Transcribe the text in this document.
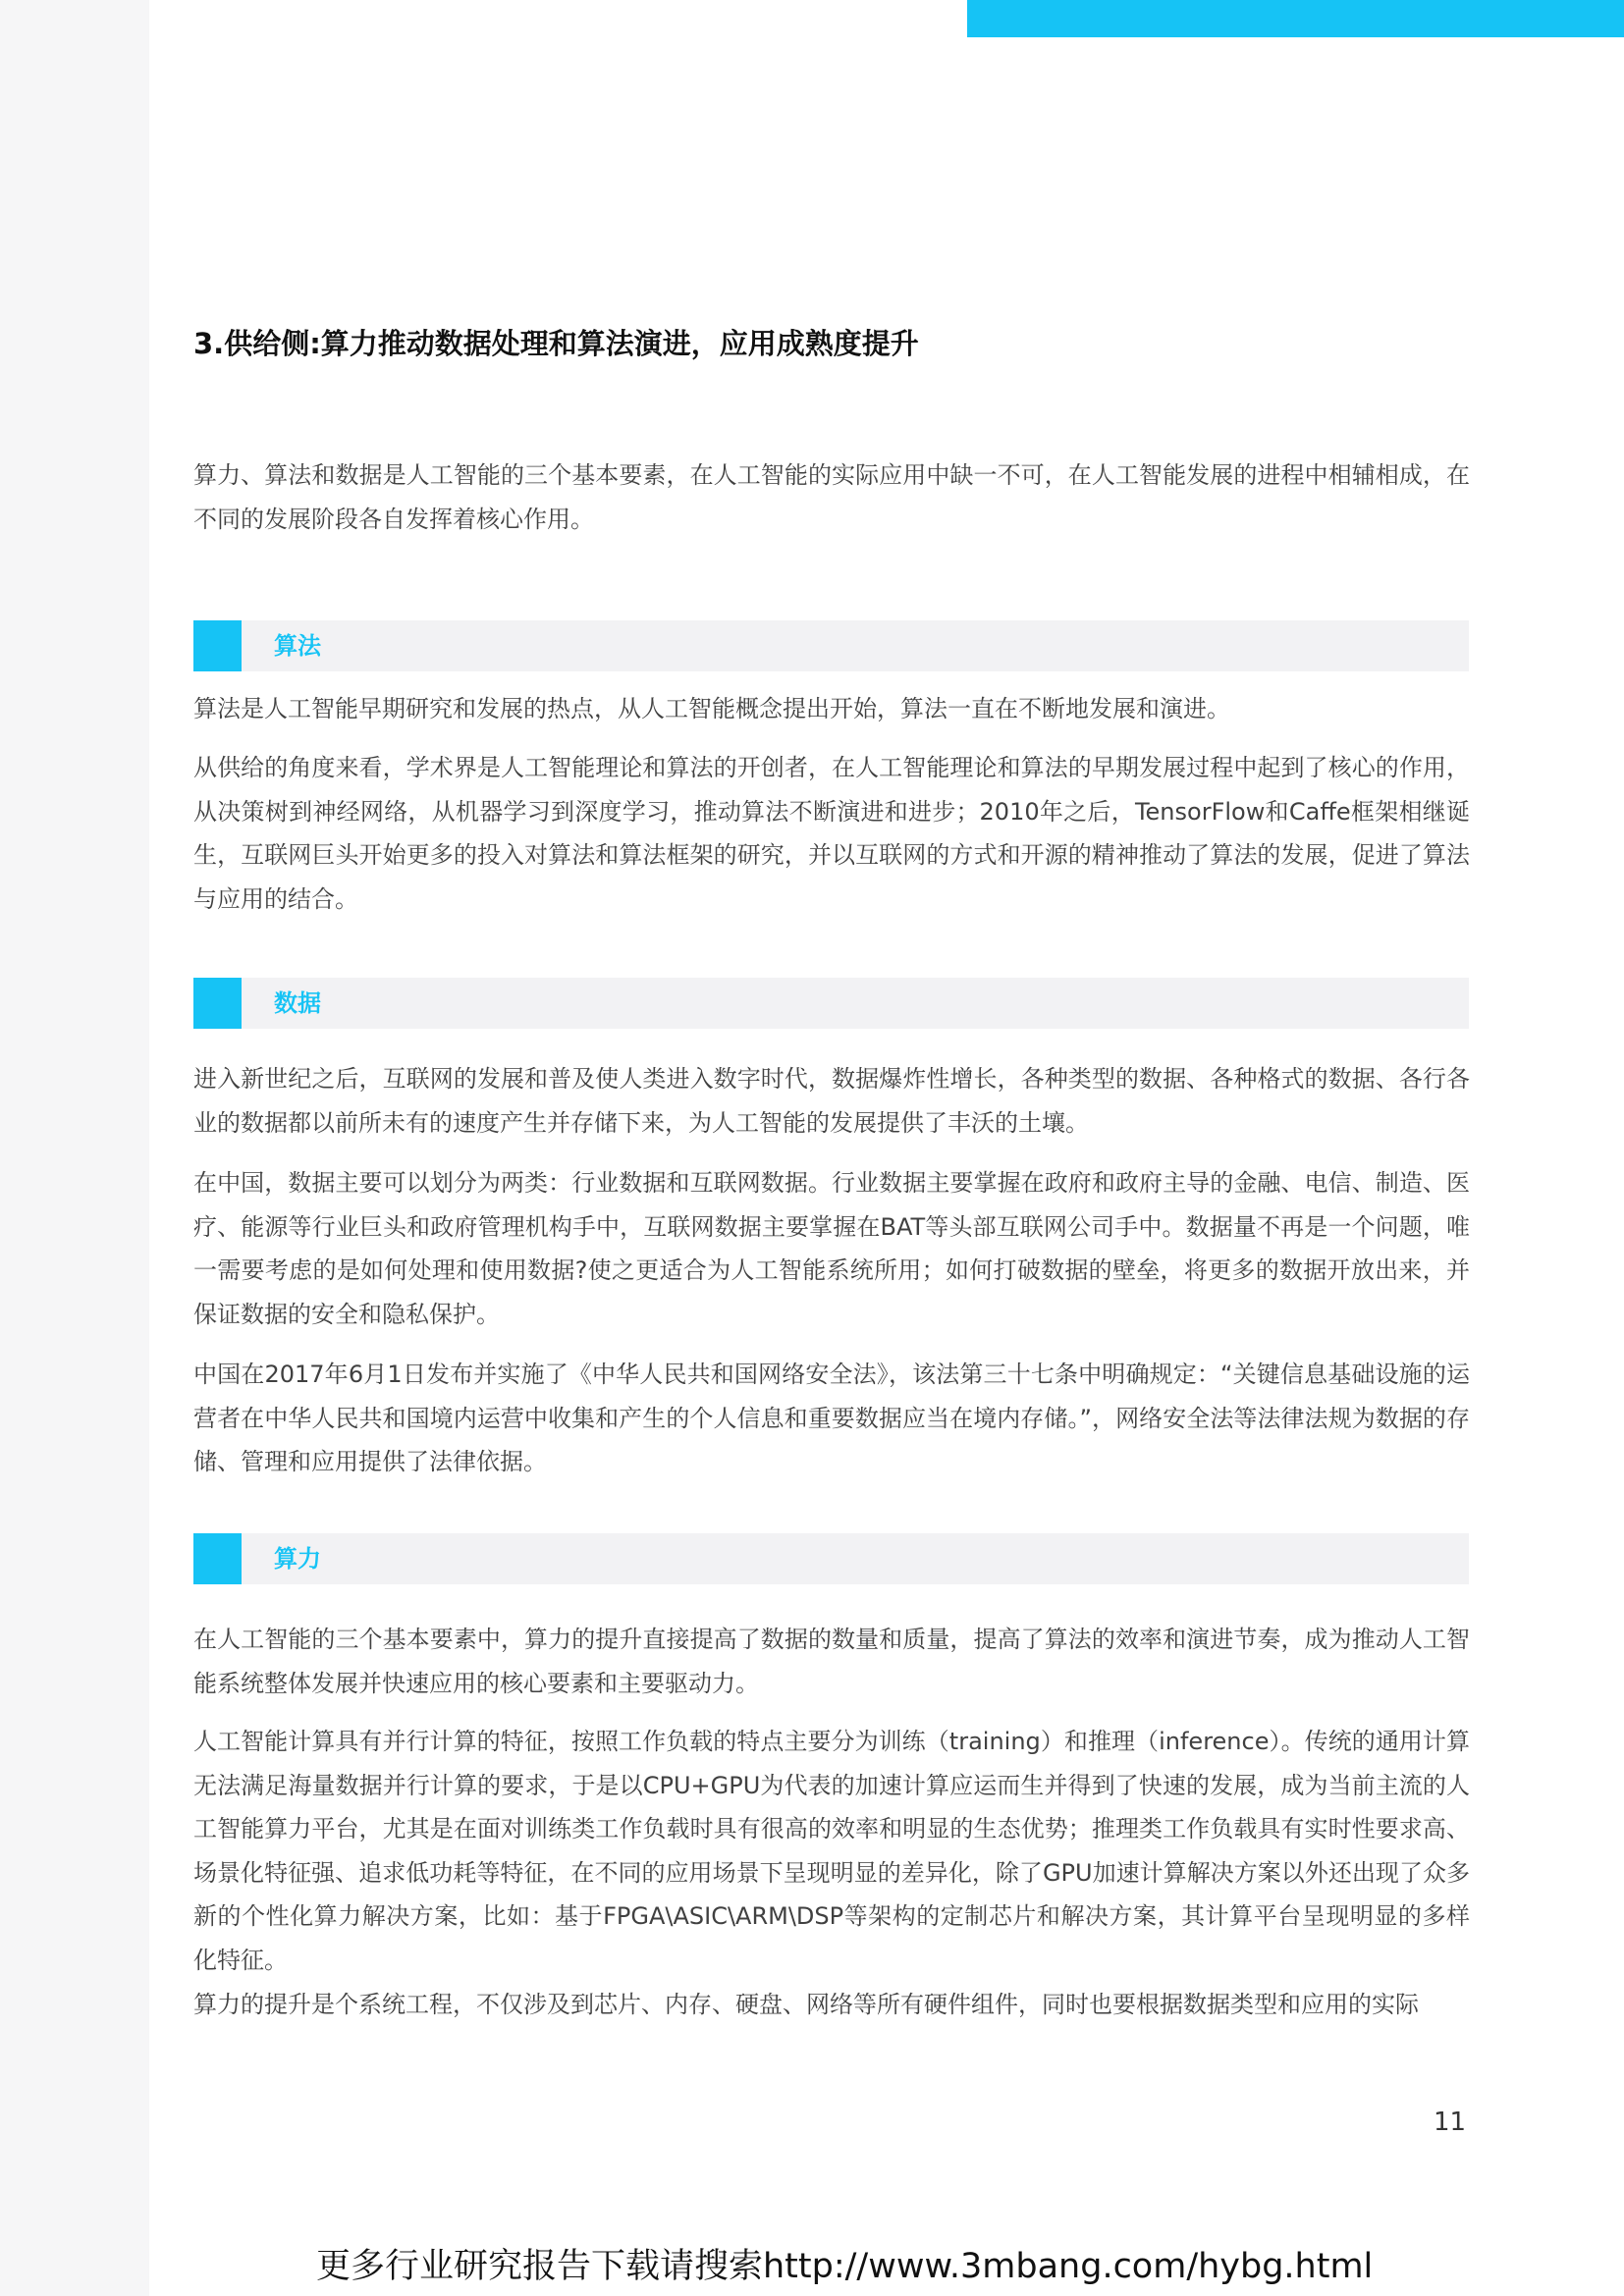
3.供给侧:算力推动数据处理和算法演进，应用成熟度提升

算力、算法和数据是人工智能的三个基本要素，在人工智能的实际应用中缺一不可，在人工智能发展的进程中相辅相成，在不同的发展阶段各自发挥着核心作用。

算法

算法是人工智能早期研究和发展的热点，从人工智能概念提出开始，算法一直在不断地发展和演进。

从供给的角度来看，学术界是人工智能理论和算法的开创者，在人工智能理论和算法的早期发展过程中起到了核心的作用，从决策树到神经网络，从机器学习到深度学习，推动算法不断演进和进步；2010年之后，TensorFlow和Caffe框架相继诞生，互联网巨头开始更多的投入对算法和算法框架的研究，并以互联网的方式和开源的精神推动了算法的发展，促进了算法与应用的结合。

数据

进入新世纪之后，互联网的发展和普及使人类进入数字时代，数据爆炸性增长，各种类型的数据、各种格式的数据、各行各业的数据都以前所未有的速度产生并存储下来，为人工智能的发展提供了丰沃的土壤。

在中国，数据主要可以划分为两类：行业数据和互联网数据。行业数据主要掌握在政府和政府主导的金融、电信、制造、医疗、能源等行业巨头和政府管理机构手中，互联网数据主要掌握在BAT等头部互联网公司手中。数据量不再是一个问题，唯一需要考虑的是如何处理和使用数据?使之更适合为人工智能系统所用；如何打破数据的壁垒，将更多的数据开放出来，并保证数据的安全和隐私保护。

中国在2017年6月1日发布并实施了《中华人民共和国网络安全法》，该法第三十七条中明确规定：“关键信息基础设施的运营者在中华人民共和国境内运营中收集和产生的个人信息和重要数据应当在境内存储。”，网络安全法等法律法规为数据的存储、管理和应用提供了法律依据。

算力

在人工智能的三个基本要素中，算力的提升直接提高了数据的数量和质量，提高了算法的效率和演进节奏，成为推动人工智能系统整体发展并快速应用的核心要素和主要驱动力。

人工智能计算具有并行计算的特征，按照工作负载的特点主要分为训练（training）和推理（inference）。传统的通用计算无法满足海量数据并行计算的要求，于是以CPU+GPU为代表的加速计算应运而生并得到了快速的发展，成为当前主流的人工智能算力平台，尤其是在面对训练类工作负载时具有很高的效率和明显的生态优势；推理类工作负载具有实时性要求高、场景化特征强、追求低功耗等特征，在不同的应用场景下呈现明显的差异化，除了GPU加速计算解决方案以外还出现了众多新的个性化算力解决方案，比如：基于FPGA\ASIC\ARM\DSP等架构的定制芯片和解决方案，其计算平台呈现明显的多样化特征。

算力的提升是个系统工程，不仅涉及到芯片、内存、硬盘、网络等所有硬件组件，同时也要根据数据类型和应用的实际

11
更多行业研究报告下载请搜索http://www.3mbang.com/hybg.html
